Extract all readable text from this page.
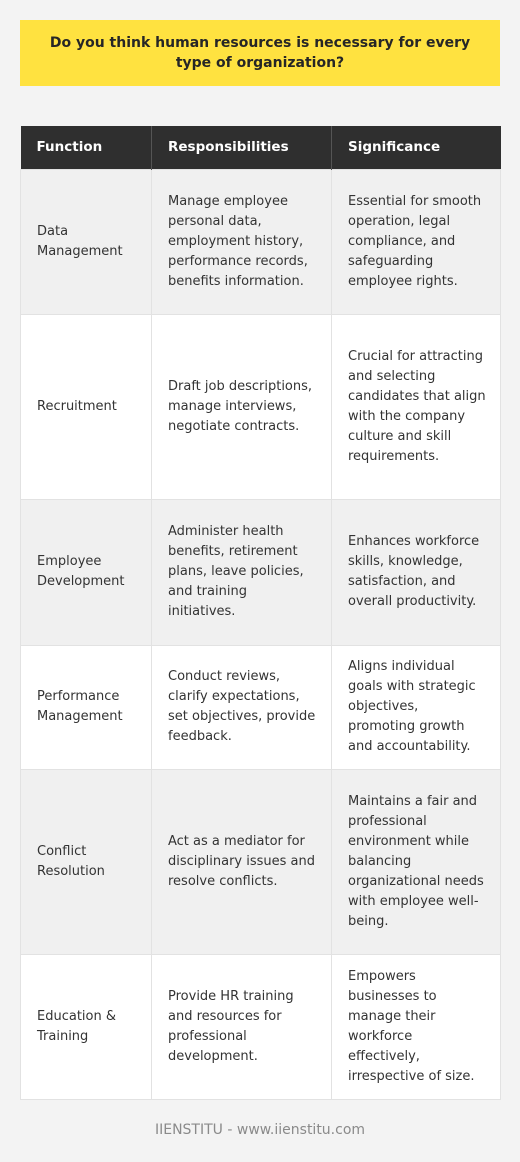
Do you think human resources is necessary for every type of organization?
Function	Responsibilities	Significance
Data Management	Manage employee personal data, employment history, performance records, benefits information.	Essential for smooth operation, legal compliance, and safeguarding employee rights.
Recruitment	Draft job descriptions, manage interviews, negotiate contracts.	Crucial for attracting and selecting candidates that align with the company culture and skill requirements.
Employee Development	Administer health benefits, retirement plans, leave policies, and training initiatives.	Enhances workforce skills, knowledge, satisfaction, and overall productivity.
Performance Management	Conduct reviews, clarify expectations, set objectives, provide feedback.	Aligns individual goals with strategic objectives, promoting growth and accountability.
Conflict Resolution	Act as a mediator for disciplinary issues and resolve conflicts.	Maintains a fair and professional environment while balancing organizational needs with employee well-being.
Education & Training	Provide HR training and resources for professional development.	Empowers businesses to manage their workforce effectively, irrespective of size.
IIENSTITU - www.iienstitu.com
